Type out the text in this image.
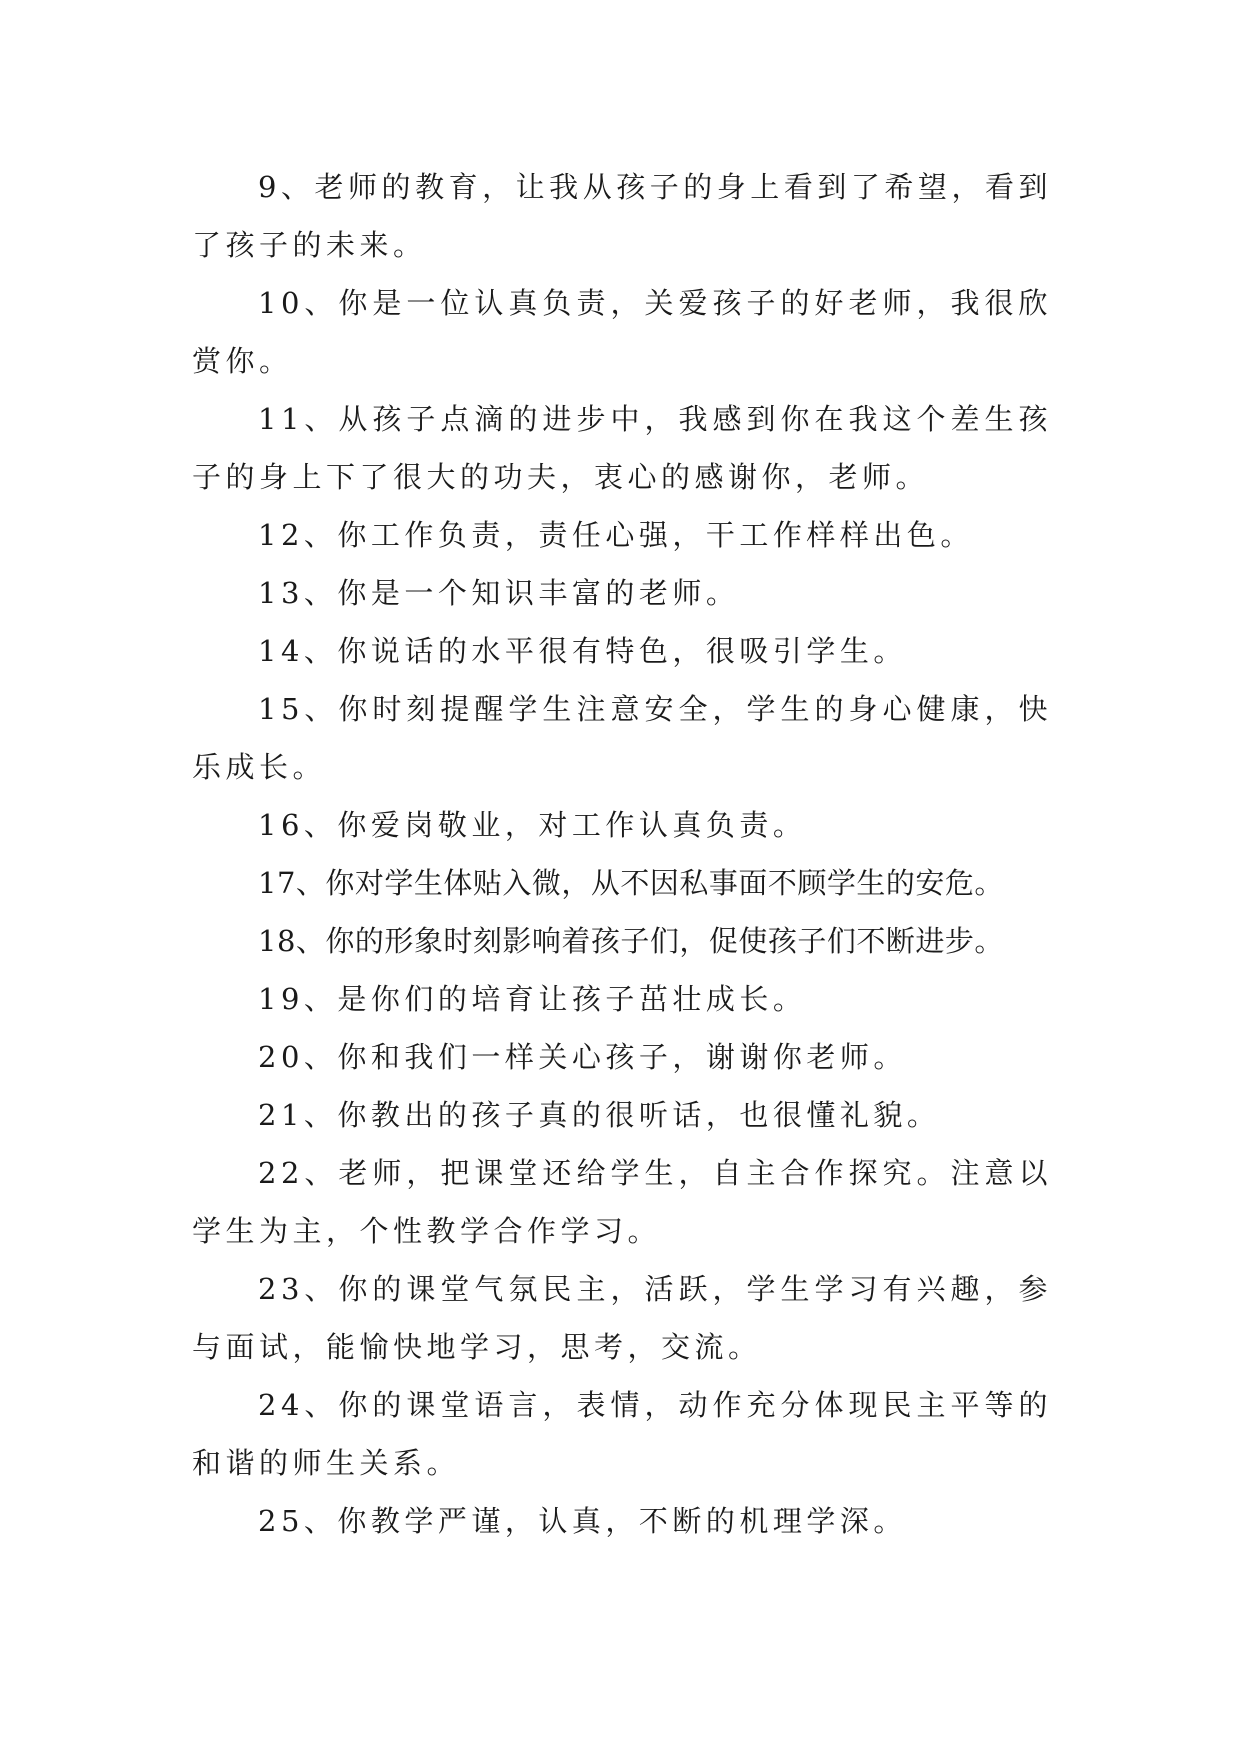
9、老师的教育，让我从孩子的身上看到了希望，看到了孩子的未来。

10、你是一位认真负责，关爱孩子的好老师，我很欣赏你。

11、从孩子点滴的进步中，我感到你在我这个差生孩子的身上下了很大的功夫，衷心的感谢你，老师。

12、你工作负责，责任心强，干工作样样出色。

13、你是一个知识丰富的老师。

14、你说话的水平很有特色，很吸引学生。

15、你时刻提醒学生注意安全，学生的身心健康，快乐成长。

16、你爱岗敬业，对工作认真负责。

17、你对学生体贴入微，从不因私事面不顾学生的安危。

18、你的形象时刻影响着孩子们，促使孩子们不断进步。

19、是你们的培育让孩子茁壮成长。

20、你和我们一样关心孩子，谢谢你老师。

21、你教出的孩子真的很听话，也很懂礼貌。

22、老师，把课堂还给学生，自主合作探究。注意以学生为主，个性教学合作学习。

23、你的课堂气氛民主，活跃，学生学习有兴趣，参与面试，能愉快地学习，思考，交流。

24、你的课堂语言，表情，动作充分体现民主平等的和谐的师生关系。

25、你教学严谨，认真，不断的机理学深。
